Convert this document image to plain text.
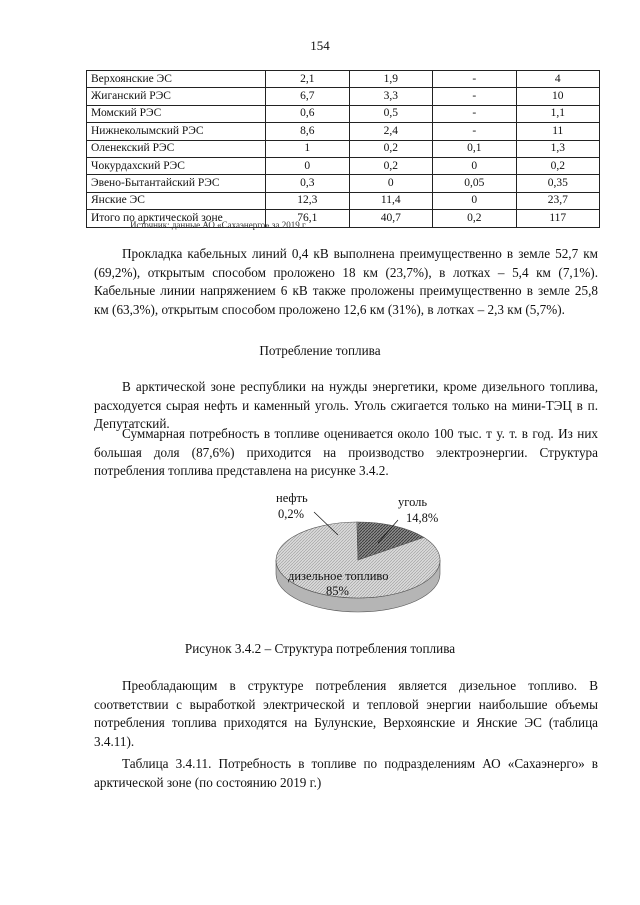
154
Верхоянские ЭС	2,1	1,9	-	4
Жиганский РЭС	6,7	3,3	-	10
Момский РЭС	0,6	0,5	-	1,1
Нижнеколымский РЭС	8,6	2,4	-	11
Оленекский РЭС	1	0,2	0,1	1,3
Чокурдахский РЭС	0	0,2	0	0,2
Эвено-Бытантайский РЭС	0,3	0	0,05	0,35
Янские ЭС	12,3	11,4	0	23,7
Итого по арктической зоне	76,1	40,7	0,2	117
Источник: данные АО «Сахаэнерго» за 2019 г.
Прокладка кабельных линий 0,4 кВ выполнена преимущественно в земле 52,7 км (69,2%), открытым способом проложено 18 км (23,7%), в лотках – 5,4 км (7,1%). Кабельные линии напряжением 6 кВ также проложены преимущественно в земле 25,8 км (63,3%), открытым способом проложено 12,6 км (31%), в лотках – 2,3 км (5,7%).
Потребление топлива
В арктической зоне республики на нужды энергетики, кроме дизельного топлива, расходуется сырая нефть и каменный уголь. Уголь сжигается только на мини-ТЭЦ в п. Депутатский.
Суммарная потребность в топливе оценивается около 100 тыс. т у. т. в год. Из них большая доля (87,6%) приходится на производство электроэнергии. Структура потребления топлива представлена на рисунке 3.4.2.
нефть
0,2%
уголь
14,8%
дизельное топливо
85%
Рисунок 3.4.2 – Структура потребления топлива
Преобладающим в структуре потребления является дизельное топливо. В соответствии с выработкой электрической и тепловой энергии наибольшие объемы потребления топлива приходятся на Булунские, Верхоянские и Янские ЭС (таблица 3.4.11).
Таблица 3.4.11. Потребность в топливе по подразделениям АО «Сахаэнерго» в арктической зоне (по состоянию 2019 г.)
